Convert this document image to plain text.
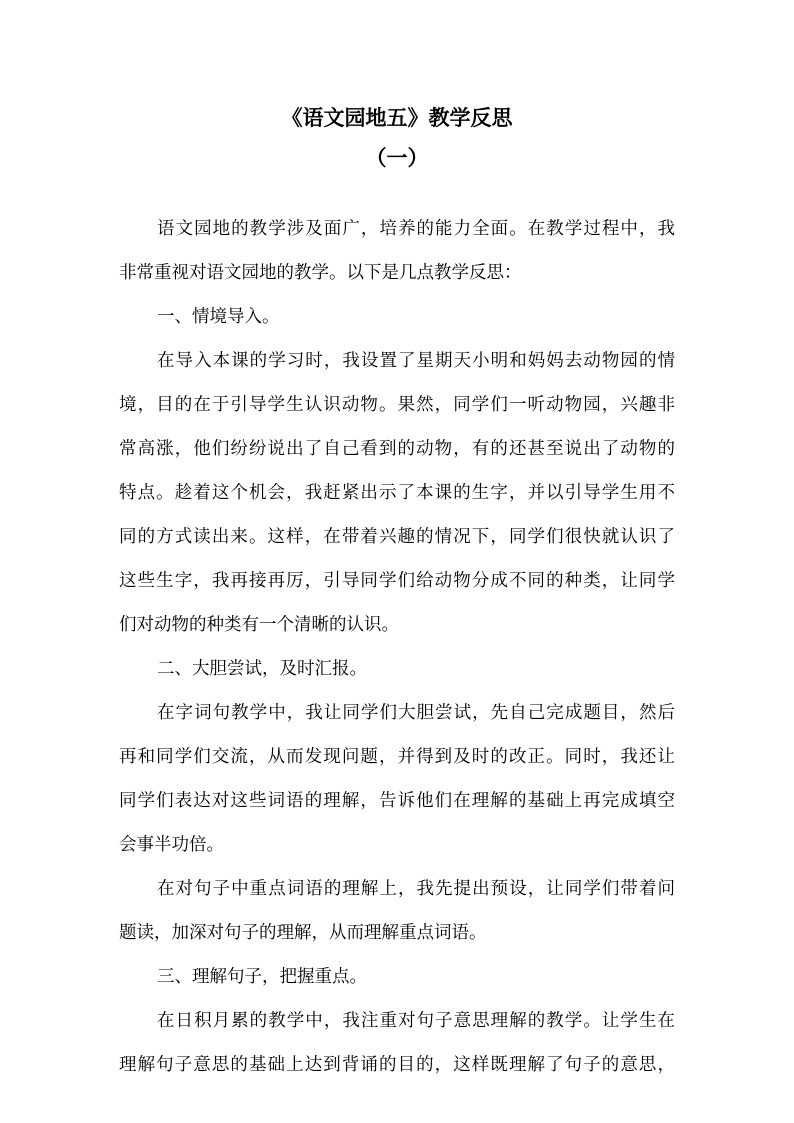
《语文园地五》教学反思
（一）
语文园地的教学涉及面广，培养的能力全面。在教学过程中，我
非常重视对语文园地的教学。以下是几点教学反思：
一、情境导入。
在导入本课的学习时，我设置了星期天小明和妈妈去动物园的情
境，目的在于引导学生认识动物。果然，同学们一听动物园，兴趣非
常高涨，他们纷纷说出了自己看到的动物，有的还甚至说出了动物的
特点。趁着这个机会，我赶紧出示了本课的生字，并以引导学生用不
同的方式读出来。这样，在带着兴趣的情况下，同学们很快就认识了
这些生字，我再接再厉，引导同学们给动物分成不同的种类，让同学
们对动物的种类有一个清晰的认识。
二、大胆尝试，及时汇报。
在字词句教学中，我让同学们大胆尝试，先自己完成题目，然后
再和同学们交流，从而发现问题，并得到及时的改正。同时，我还让
同学们表达对这些词语的理解，告诉他们在理解的基础上再完成填空
会事半功倍。
在对句子中重点词语的理解上，我先提出预设，让同学们带着问
题读，加深对句子的理解，从而理解重点词语。
三、理解句子，把握重点。
在日积月累的教学中，我注重对句子意思理解的教学。让学生在
理解句子意思的基础上达到背诵的目的，这样既理解了句子的意思，
